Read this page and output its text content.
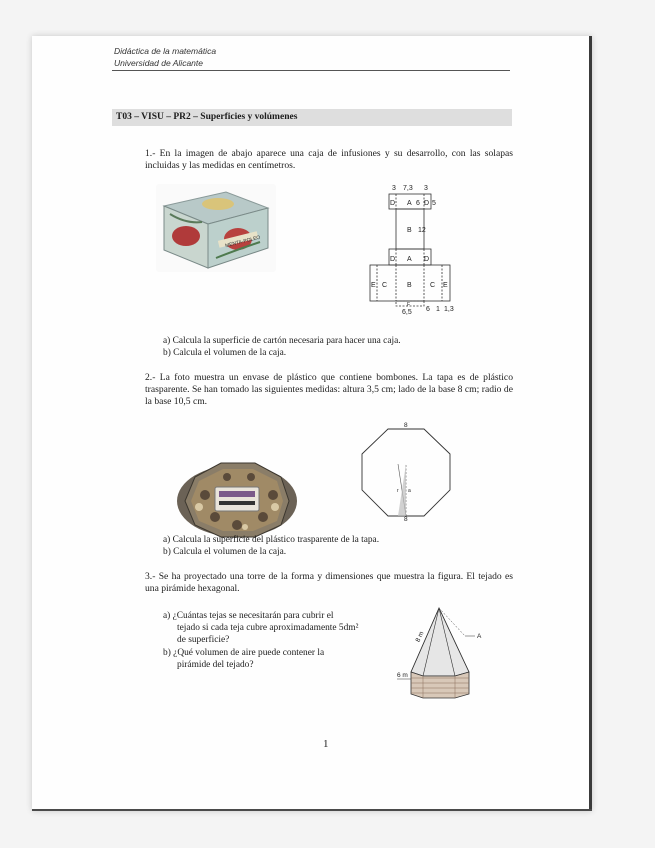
Didáctica de la matemática
Universidad de Alicante
T03 – VISU – PR2 – Superficies y volúmenes
1.- En la imagen de abajo aparece una caja de infusiones y su desarrollo, con las solapas incluidas y las medidas en centímetros.
MENTA-POLEO
3 7,3 3
D A 6 D 5
B 12
D A D
E C	B	C E
F
6,5 6 1 1,3
a) Calcula la superficie de cartón necesaria para hacer una caja.
b) Calcula el volumen de la caja.
2.- La foto muestra un envase de plástico que contiene bombones. La tapa es de plástico trasparente. Se han tomado las siguientes medidas: altura 3,5 cm; lado de la base 8 cm; radio de la base 10,5 cm.
8
r a
8
a) Calcula la superficie del plástico trasparente de la tapa.
b) Calcula el volumen de la caja.
3.- Se ha proyectado una torre de la forma y dimensiones que muestra la figura. El tejado es una pirámide hexagonal.
a) ¿Cuántas tejas se necesitarán para cubrir el
tejado si cada teja cubre aproximadamente 5dm²
de superficie?
b) ¿Qué volumen de aire puede contener la
pirámide del tejado?
8 m	A
6 m
1
